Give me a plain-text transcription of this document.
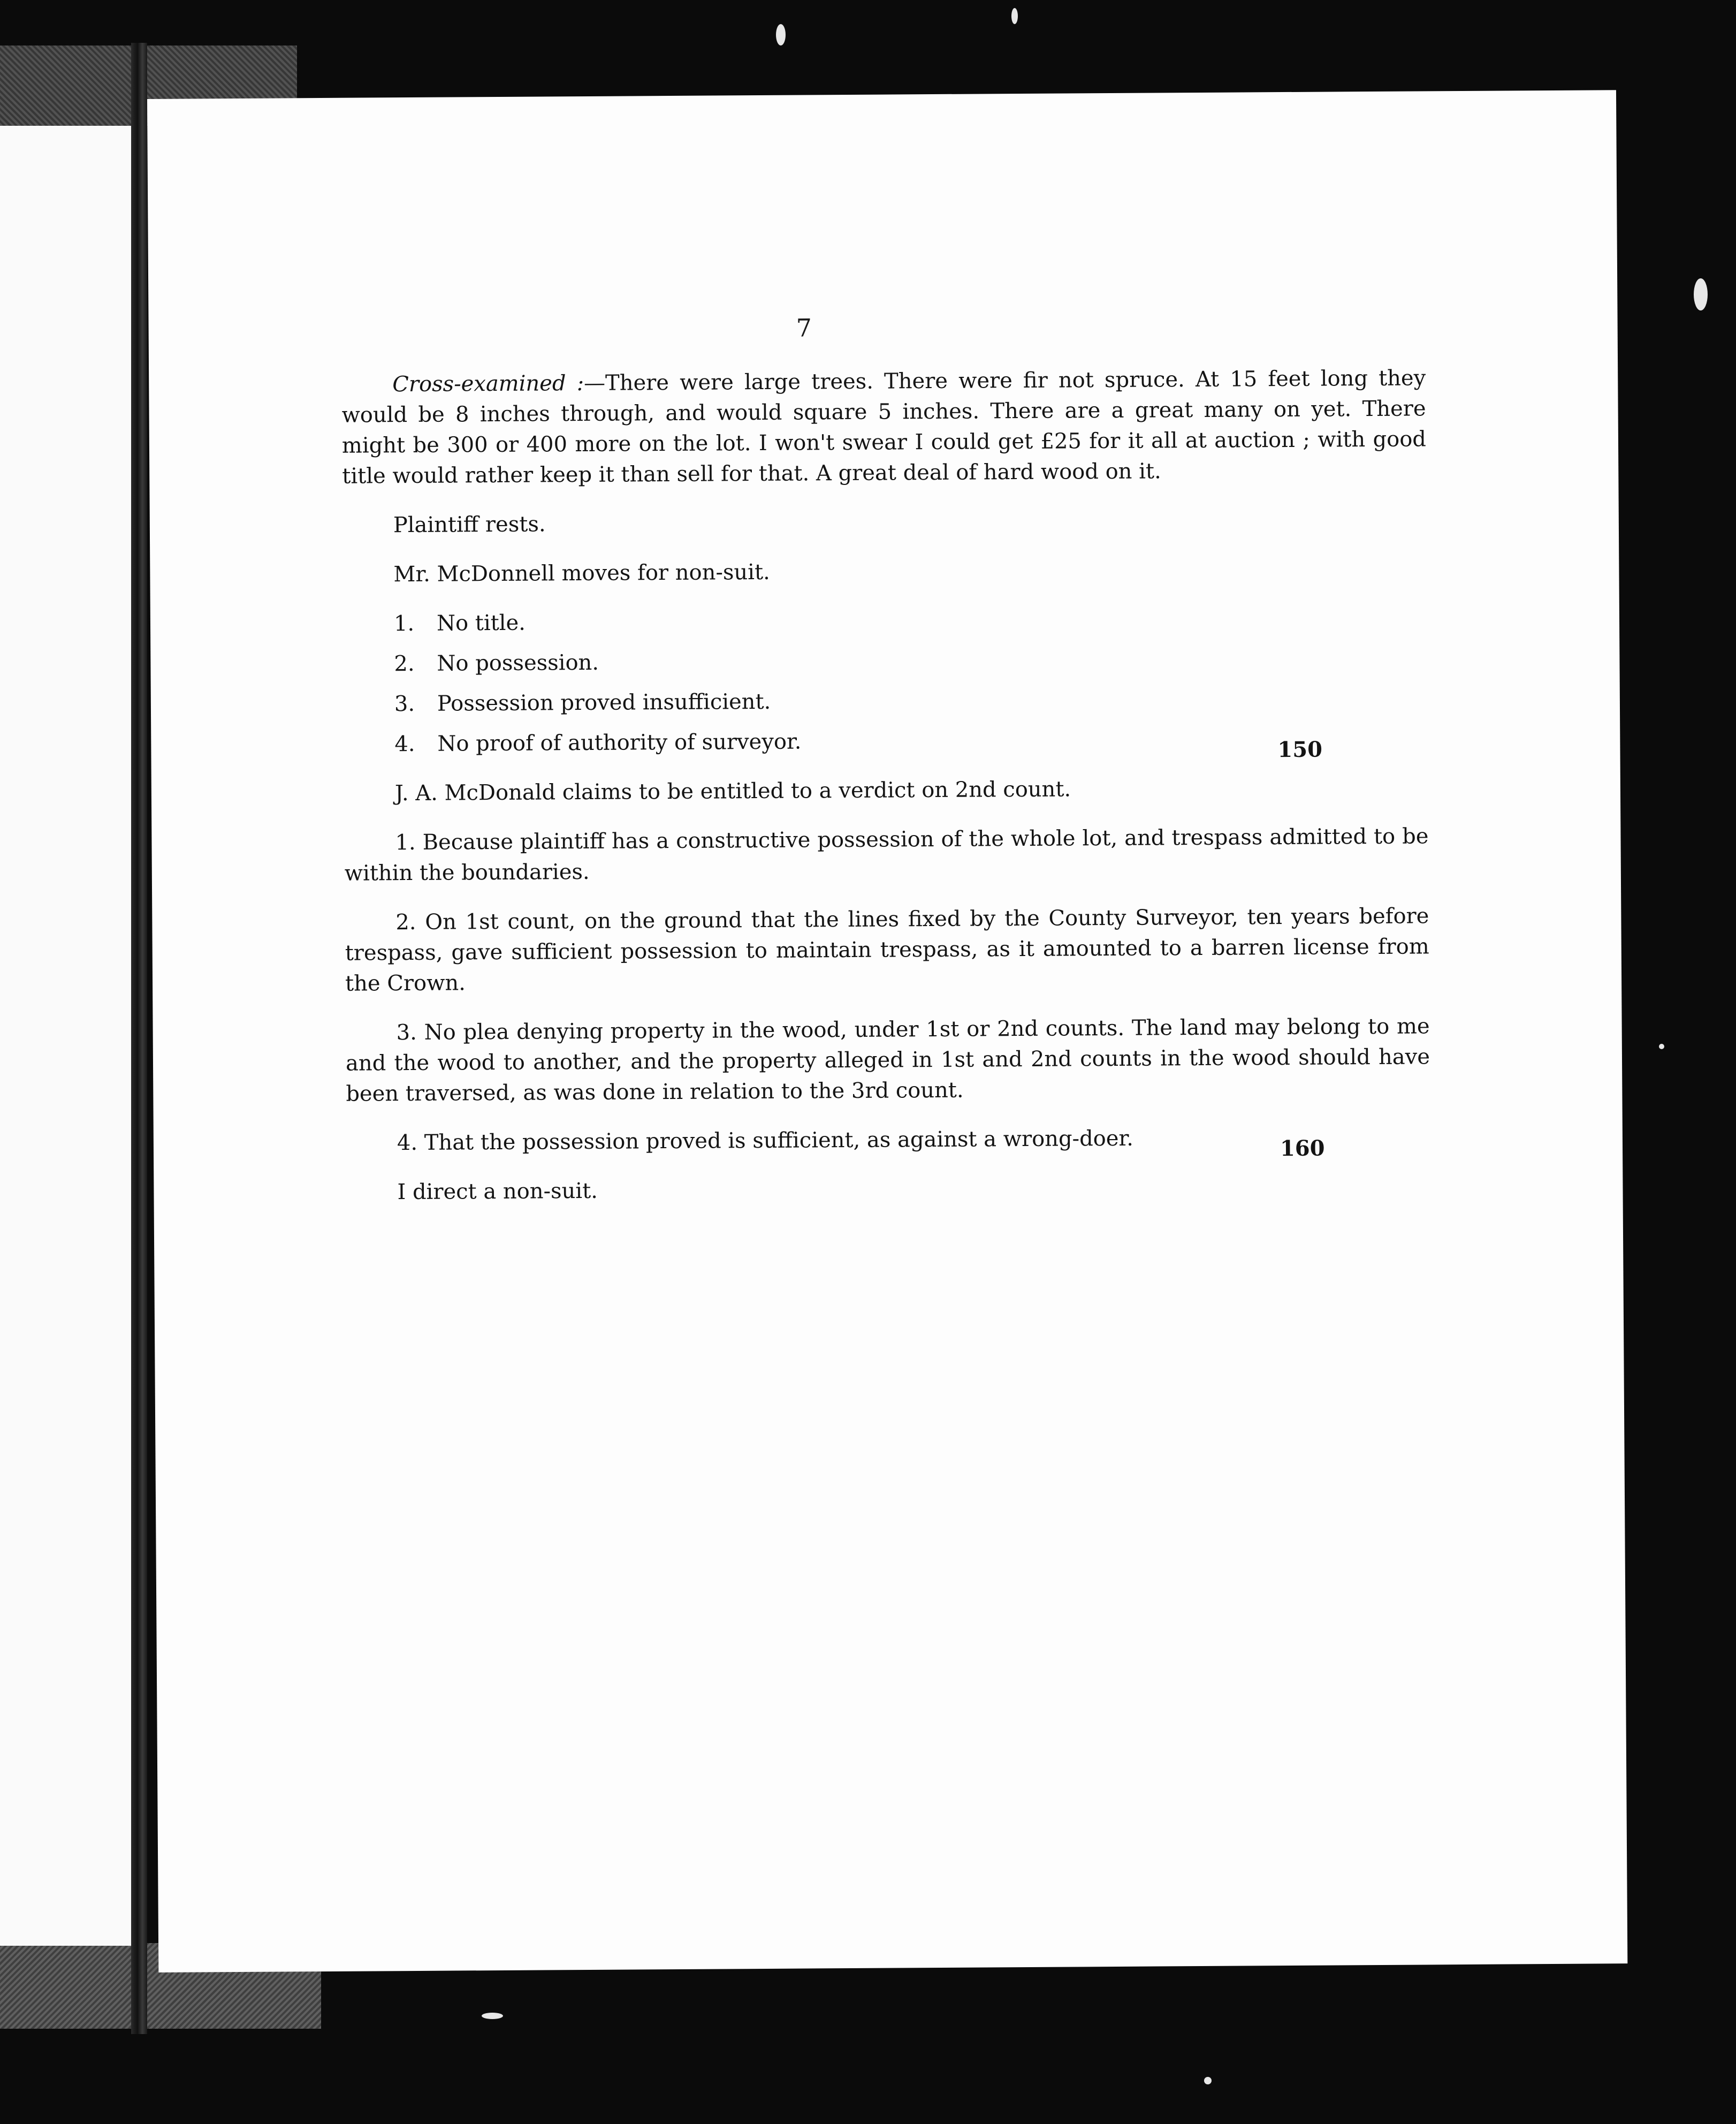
7
150
160

Cross-examined :—There were large trees. There were fir not spruce. At 15 feet long they would be 8 inches through, and would square 5 inches. There are a great many on yet. There might be 300 or 400 more on the lot. I won't swear I could get £25 for it all at auction ; with good title would rather keep it than sell for that. A great deal of hard wood on it.

Plaintiff rests.

Mr. McDonnell moves for non-suit.

1. No title.
2. No possession.
3. Possession proved insufficient.
4. No proof of authority of surveyor.

J. A. McDonald claims to be entitled to a verdict on 2nd count.

1. Because plaintiff has a constructive possession of the whole lot, and trespass admitted to be within the boundaries.

2. On 1st count, on the ground that the lines fixed by the County Surveyor, ten years before trespass, gave sufficient possession to maintain trespass, as it amounted to a barren license from the Crown.

3. No plea denying property in the wood, under 1st or 2nd counts. The land may belong to me and the wood to another, and the property alleged in 1st and 2nd counts in the wood should have been traversed, as was done in relation to the 3rd count.

4. That the possession proved is sufficient, as against a wrong-doer.

I direct a non-suit.
